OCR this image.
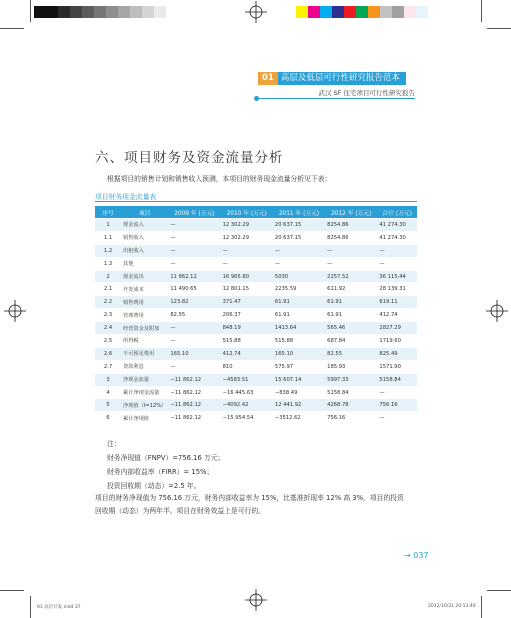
01 高层及低层可行性研究报告范本
武汉 SF 住宅项目可行性研究报告
六、项目财务及资金流量分析
根据项目的销售计划和销售收入预测，本项目的财务现金流量分析见下表：
项目财务现金流量表
序号	项目	2009 年 (万元)	2010 年 (万元)	2011 年 (万元)	2012 年 (万元)	合计 (万元)
1	现金流入	—	12 302.29	20 637.15	8254.86	41 274.30
1.1	销售收入	—	12 302.29	20 637.15	8254.86	41 274.30
1.2	出租收入	—	—	—	—	—
1.3	其他	—	—	—	—	—
2	现金流出	11 862.12	16 965.80	5030	2257.52	36 115.44
2.1	开发成本	11 490.65	12 801.15	2235.59	611.92	28 139.31
2.2	销售费用	123.82	371.47	61.91	61.91	619.11
2.3	管理费用	82.55	206.37	61.91	61.91	412.74
2.4	经营资金及附加	—	848.19	1413.64	565.46	2827.29
2.5	所得税	—	515.88	515.88	687.84	1719.60
2.6	不可预见费用	165.10	412.74	165.10	82.55	825.49
2.7	贷款利息	—	810	575.97	185.93	1571.90
3	净现金流量	−11 862.12	−4583.51	15 607.14	5997.33	5158.84
4	累计净现金流量	−11 862.12	−16 445.63	−838.49	5158.84	—
5	净现值（I=12%）	−11 862.12	−4092.42	12 441.92	4268.78	756.16
6	累计净现值	−11 862.12	−15 954.54	−3512.62	756.16	—
注：
财务净现值（FNPV）=756.16 万元；
财务内部收益率（FIRR）= 15%；
投资回收期（动态）=2.5 年。
项目的财务净现值为 756.16 万元，财务内部收益率为 15%，比基准折现率 12% 高 3%，项目的投资
回收期（动态）为两年半。项目在财务效益上是可行的。
→ 037
01 高层开发.indd 37	2012/10/31 20:13:40
